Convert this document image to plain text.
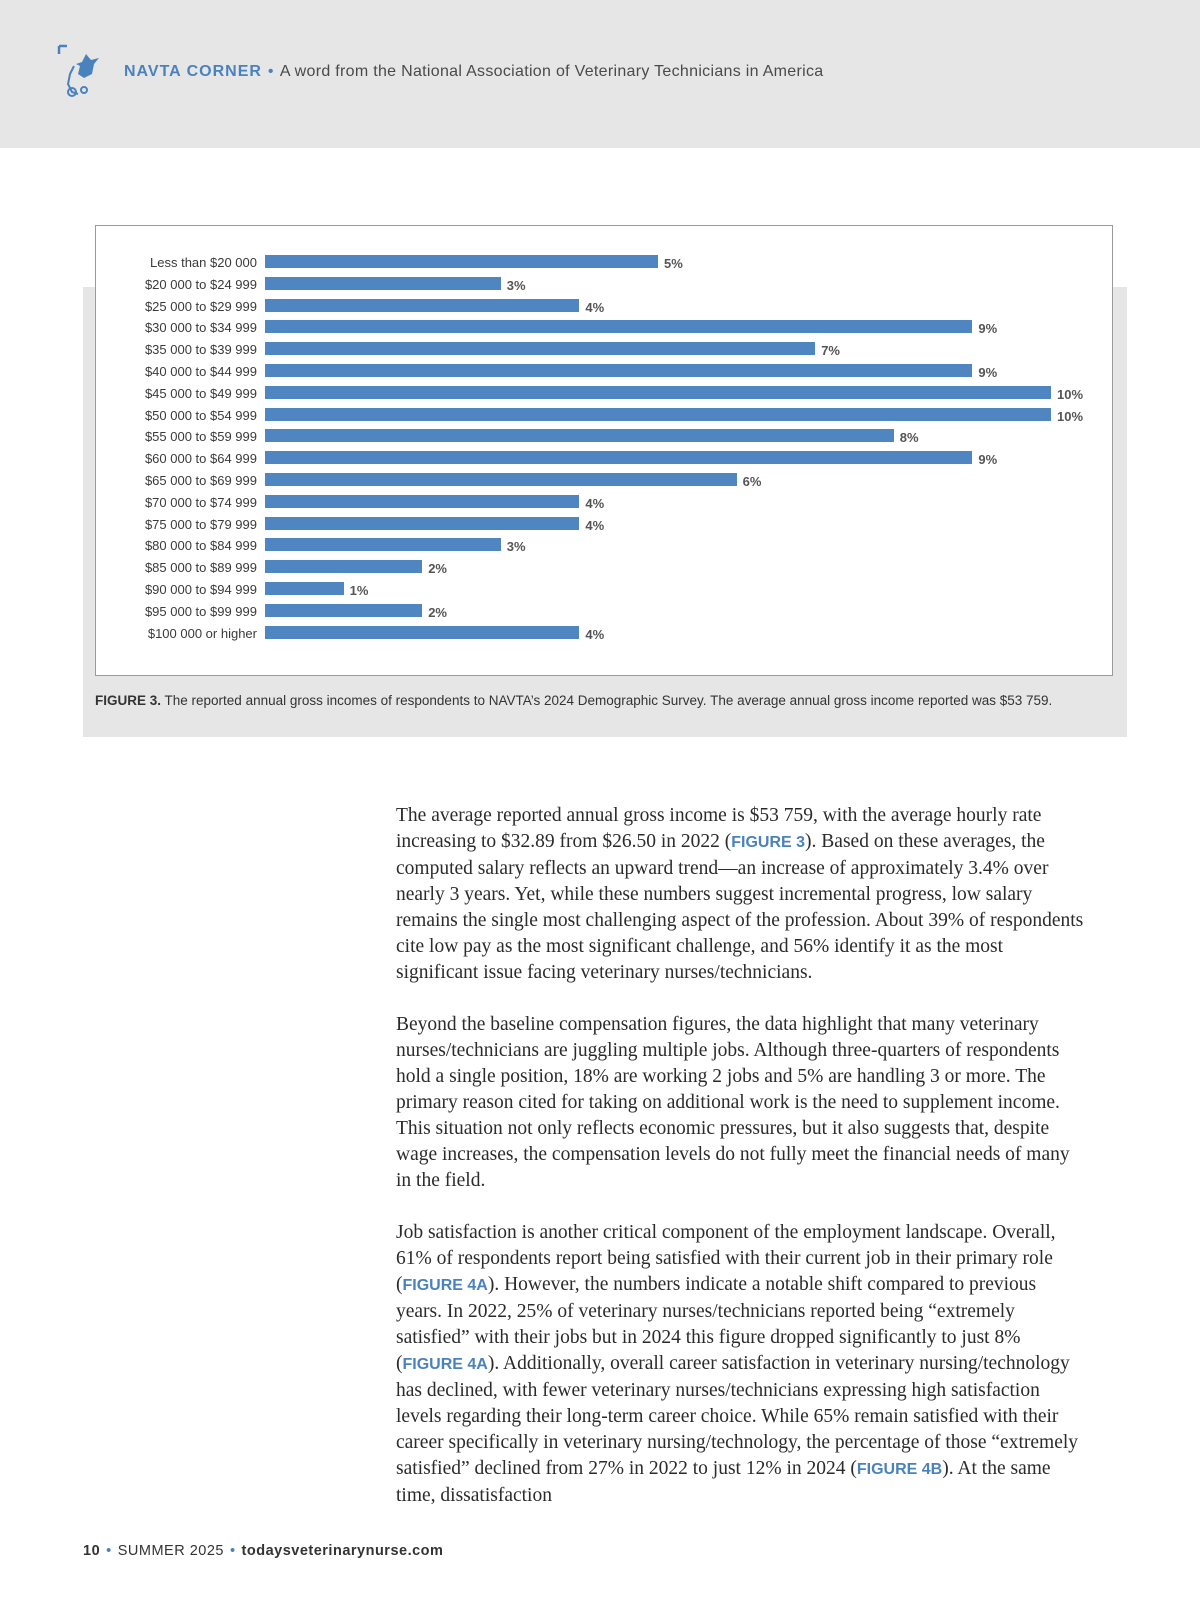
NAVTA CORNER • A word from the National Association of Veterinary Technicians in America
Less than $20 000	5%
$20 000 to $24 999	3%
$25 000 to $29 999	4%
$30 000 to $34 999	9%
$35 000 to $39 999	7%
$40 000 to $44 999	9%
$45 000 to $49 999	10%
$50 000 to $54 999	10%
$55 000 to $59 999	8%
$60 000 to $64 999	9%
$65 000 to $69 999	6%
$70 000 to $74 999	4%
$75 000 to $79 999	4%
$80 000 to $84 999	3%
$85 000 to $89 999	2%
$90 000 to $94 999	1%
$95 000 to $99 999	2%
$100 000 or higher	4%
FIGURE 3. The reported annual gross incomes of respondents to NAVTA’s 2024 Demographic Survey. The average annual gross income reported was $53 759.

The average reported annual gross income is $53 759, with the average hourly rate increasing to $32.89 from $26.50 in 2022 (FIGURE 3). Based on these averages, the computed salary reflects an upward trend—an increase of approximately 3.4% over nearly 3 years. Yet, while these numbers suggest incremental progress, low salary remains the single most challenging aspect of the profession. About 39% of respondents cite low pay as the most significant challenge, and 56% identify it as the most significant issue facing veterinary nurses/technicians.

Beyond the baseline compensation figures, the data highlight that many veterinary nurses/technicians are juggling multiple jobs. Although three-quarters of respondents hold a single position, 18% are working 2 jobs and 5% are handling 3 or more. The primary reason cited for taking on additional work is the need to supplement income. This situation not only reflects economic pressures, but it also suggests that, despite wage increases, the compensation levels do not fully meet the financial needs of many in the field.

Job satisfaction is another critical component of the employment landscape. Overall, 61% of respondents report being satisfied with their current job in their primary role (FIGURE 4A). However, the numbers indicate a notable shift compared to previous years. In 2022, 25% of veterinary nurses/technicians reported being “extremely satisfied” with their jobs but in 2024 this figure dropped significantly to just 8% (FIGURE 4A). Additionally, overall career satisfaction in veterinary nursing/technology has declined, with fewer veterinary nurses/technicians expressing high satisfaction levels regarding their long-term career choice. While 65% remain satisfied with their career specifically in veterinary nursing/technology, the percentage of those “extremely satisfied” declined from 27% in 2022 to just 12% in 2024 (FIGURE 4B). At the same time, dissatisfaction

10 • SUMMER 2025 • todaysveterinarynurse.com
